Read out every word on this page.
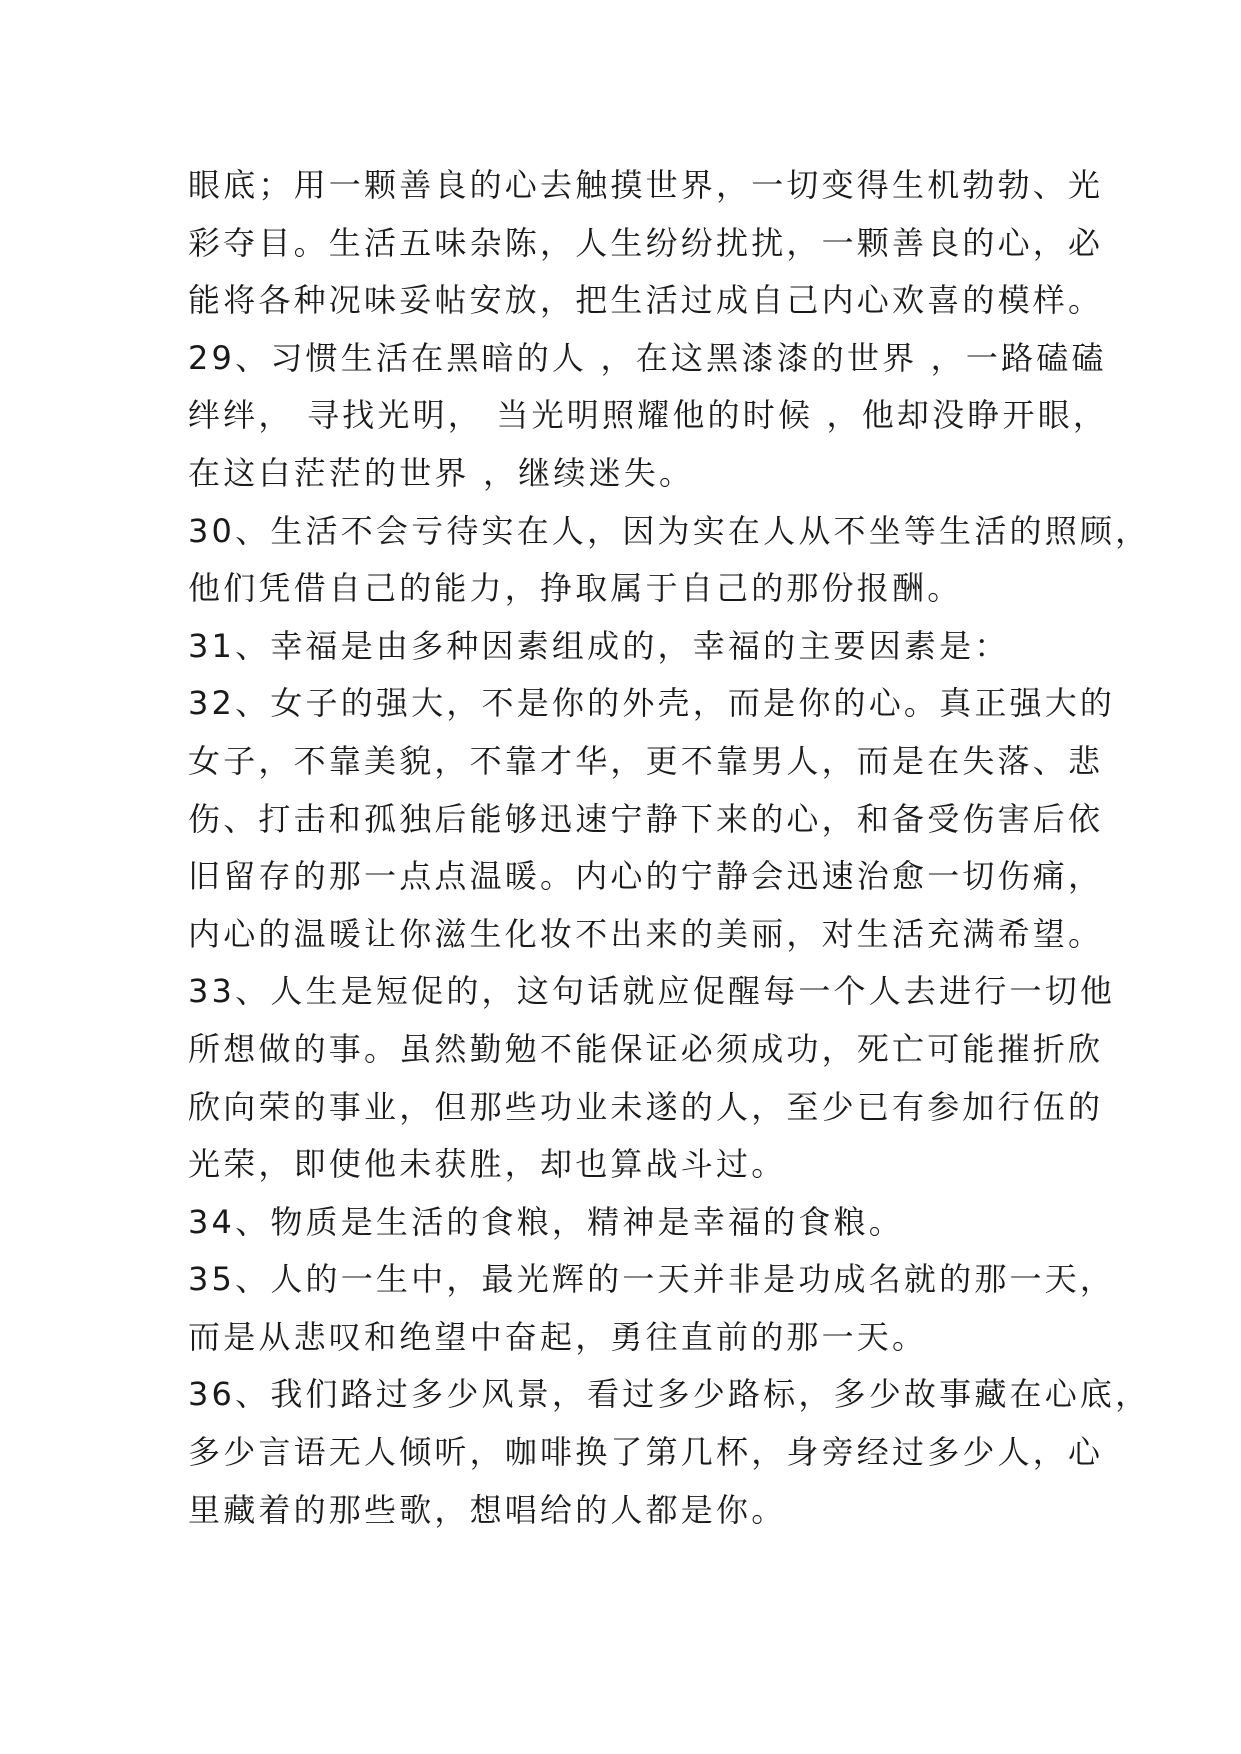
眼底；用一颗善良的心去触摸世界，一切变得生机勃勃、光
彩夺目。生活五味杂陈，人生纷纷扰扰，一颗善良的心，必
能将各种况味妥帖安放，把生活过成自己内心欢喜的模样。
29、习惯生活在黑暗的人 ，在这黑漆漆的世界 ，一路磕磕
绊绊， 寻找光明， 当光明照耀他的时候 ，他却没睁开眼，
在这白茫茫的世界 ，继续迷失。
30、生活不会亏待实在人，因为实在人从不坐等生活的照顾，
他们凭借自己的能力，挣取属于自己的那份报酬。
31、幸福是由多种因素组成的，幸福的主要因素是：
32、女子的强大，不是你的外壳，而是你的心。真正强大的
女子，不靠美貌，不靠才华，更不靠男人，而是在失落、悲
伤、打击和孤独后能够迅速宁静下来的心，和备受伤害后依
旧留存的那一点点温暖。内心的宁静会迅速治愈一切伤痛，
内心的温暖让你滋生化妆不出来的美丽，对生活充满希望。
33、人生是短促的，这句话就应促醒每一个人去进行一切他
所想做的事。虽然勤勉不能保证必须成功，死亡可能摧折欣
欣向荣的事业，但那些功业未遂的人，至少已有参加行伍的
光荣，即使他未获胜，却也算战斗过。
34、物质是生活的食粮，精神是幸福的食粮。
35、人的一生中，最光辉的一天并非是功成名就的那一天，
而是从悲叹和绝望中奋起，勇往直前的那一天。
36、我们路过多少风景，看过多少路标，多少故事藏在心底，
多少言语无人倾听，咖啡换了第几杯，身旁经过多少人，心
里藏着的那些歌，想唱给的人都是你。
